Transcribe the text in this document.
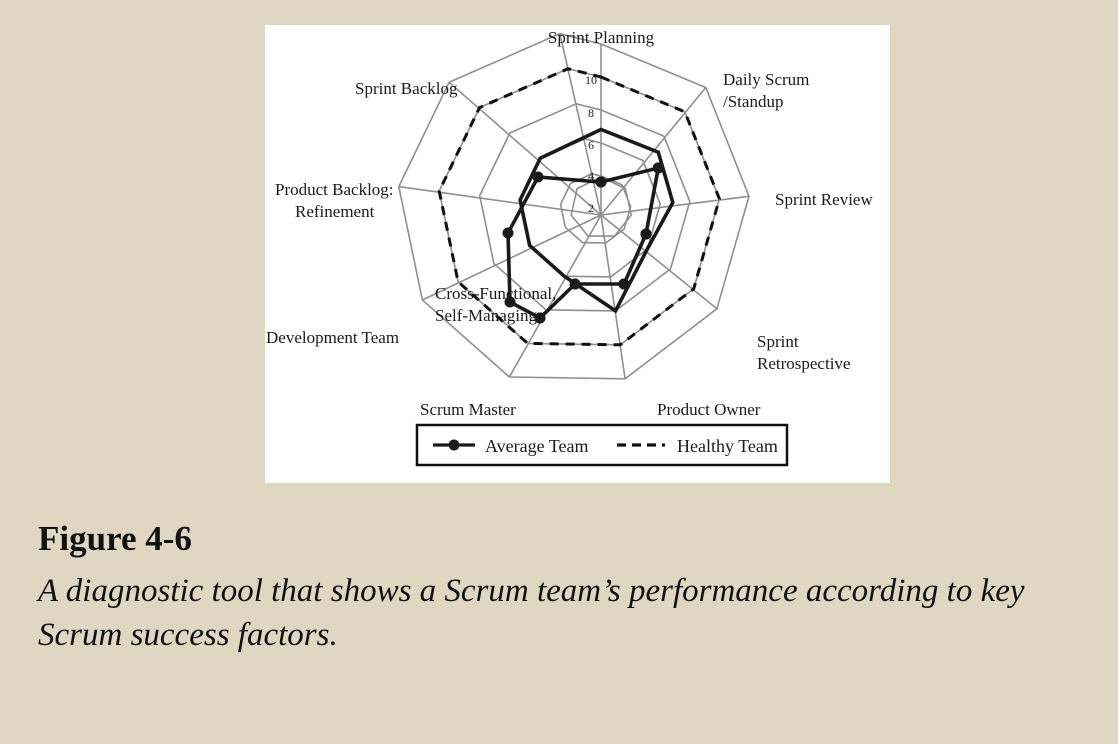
2
4
6
8
10
Sprint Planning
Daily Scrum
/Standup
Sprint Review
Sprint
Retrospective
Product Owner
Scrum Master
Cross-Functional,
Self-Managing
Development Team
Product Backlog:
Refinement
Sprint Backlog
Average Team	Healthy Team

Figure 4-6

A diagnostic tool that shows a Scrum team’s performance according to key Scrum success factors.
